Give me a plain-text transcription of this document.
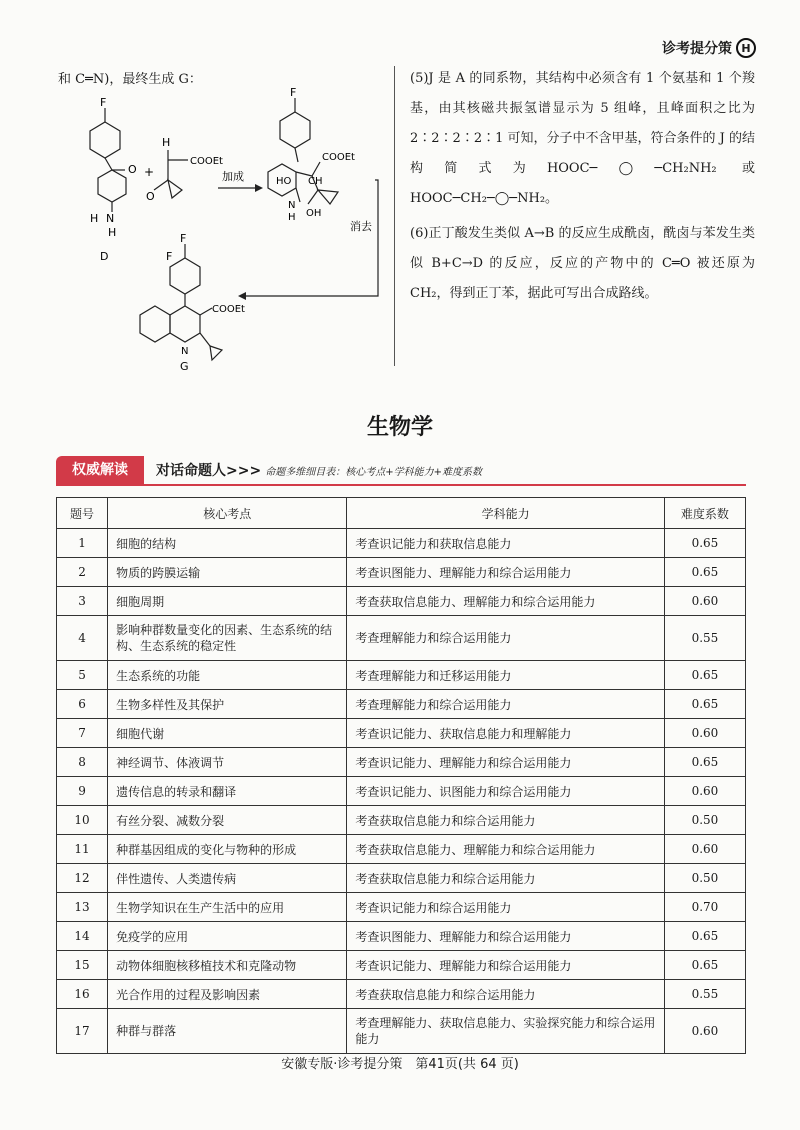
诊考提分策 H
和 C═N)，最终生成 G：
F
O
N
H
H
D
+
H
COOEt
O
F
加成
F
COOEt
HO CH
OH
N
H
消去
F
COOEt
N
G
(5)J 是 A 的同系物，其结构中必须含有 1 个氨基和 1 个羧基，由其核磁共振氢谱显示为 5 组峰，且峰面积之比为 2∶2∶2∶2∶1 可知，分子中不含甲基，符合条件的 J 的结构简式为HOOC─◯─CH₂NH₂ 或 HOOC─CH₂─◯─NH₂。
(6)正丁酸发生类似 A→B 的反应生成酰卤，酰卤与苯发生类似 B+C→D 的反应，反应的产物中的 C═O 被还原为 CH₂，得到正丁苯，据此可写出合成路线。
生物学
权威解读	对话命题人>>> 命题多维细目表：核心考点+学科能力+难度系数
题号	核心考点	学科能力	难度系数
1	细胞的结构	考查识记能力和获取信息能力	0.65
2	物质的跨膜运输	考查识图能力、理解能力和综合运用能力	0.65
3	细胞周期	考查获取信息能力、理解能力和综合运用能力	0.60
4	影响种群数量变化的因素、生态系统的结构、生态系统的稳定性	考查理解能力和综合运用能力	0.55
5	生态系统的功能	考查理解能力和迁移运用能力	0.65
6	生物多样性及其保护	考查理解能力和综合运用能力	0.65
7	细胞代谢	考查识记能力、获取信息能力和理解能力	0.60
8	神经调节、体液调节	考查识记能力、理解能力和综合运用能力	0.65
9	遗传信息的转录和翻译	考查识记能力、识图能力和综合运用能力	0.60
10	有丝分裂、减数分裂	考查获取信息能力和综合运用能力	0.50
11	种群基因组成的变化与物种的形成	考查获取信息能力、理解能力和综合运用能力	0.60
12	伴性遗传、人类遗传病	考查获取信息能力和综合运用能力	0.50
13	生物学知识在生产生活中的应用	考查识记能力和综合运用能力	0.70
14	免疫学的应用	考查识图能力、理解能力和综合运用能力	0.65
15	动物体细胞核移植技术和克隆动物	考查识记能力、理解能力和综合运用能力	0.65
16	光合作用的过程及影响因素	考查获取信息能力和综合运用能力	0.55
17	种群与群落	考查理解能力、获取信息能力、实验探究能力和综合运用能力	0.60
安徽专版·诊考提分策　第41页(共 64 页)
